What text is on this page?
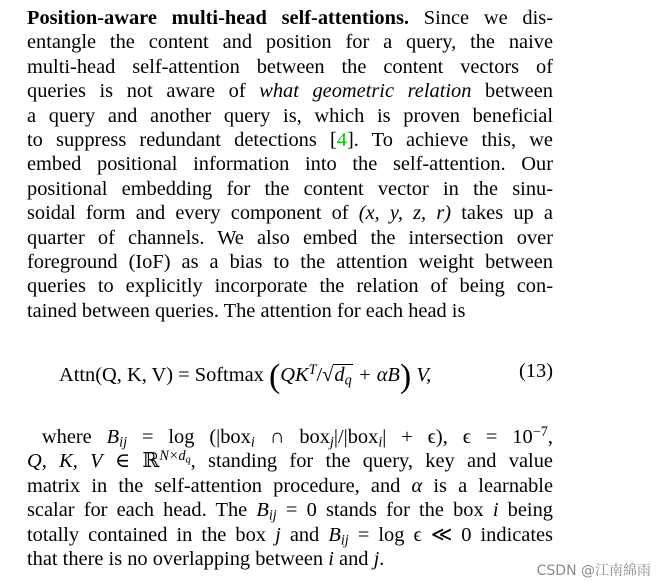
Position-aware multi-head self-attentions. Since we dis-
entangle the content and position for a query, the naive
multi-head self-attention between the content vectors of
queries is not aware of what geometric relation between
a query and another query is, which is proven beneficial
to suppress redundant detections [4]. To achieve this, we
embed positional information into the self-attention. Our
positional embedding for the content vector in the sinu-
soidal form and every component of (x, y, z, r) takes up a
quarter of channels. We also embed the intersection over
foreground (IoF) as a bias to the attention weight between
queries to explicitly incorporate the relation of being con-
tained between queries. The attention for each head is

Attn(Q, K, V) = Softmax $(QK^T/√d_q + \alpha B)$ V,	(13)

where $B_{ij} = \log (|box_i$ ∩ box$_j$|/|box$_i$| + ϵ), $\epsilon = 10^{-7}$,
Q, K, V ∈ ℝ$^{N\times d_q}$, standing for the query, key and value
matrix in the self-attention procedure, and α is a learnable
scalar for each head. The $B_{ij} = 0$ stands for the box i being
totally contained in the box j and $B_{ij} = \log \epsilon$ ≪ 0 indicates
that there is no overlapping between i and j.

CSDN @江南綿雨
